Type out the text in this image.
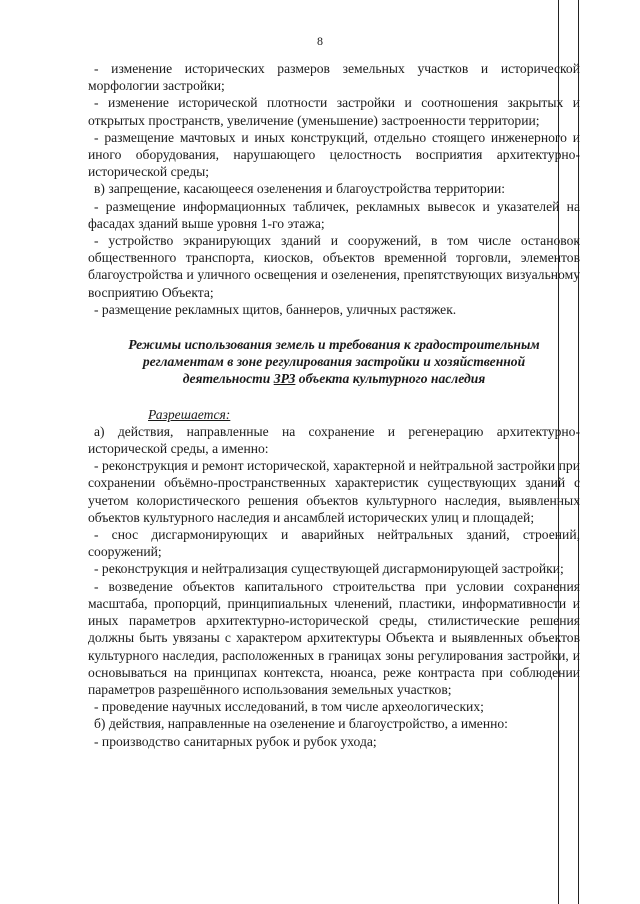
8

- изменение исторических размеров земельных участков и исторической морфологии застройки;

- изменение исторической плотности застройки и соотношения закрытых и открытых пространств, увеличение (уменьшение) застроенности территории;

- размещение мачтовых и иных конструкций, отдельно стоящего инженерного и иного оборудования, нарушающего целостность восприятия архитектурно-исторической среды;

в) запрещение, касающееся озеленения и благоустройства территории:

- размещение информационных табличек, рекламных вывесок и указателей на фасадах зданий выше уровня 1-го этажа;

- устройство экранирующих зданий и сооружений, в том числе остановок общественного транспорта, киосков, объектов временной торговли, элементов благоустройства и уличного освещения и озеленения, препятствующих визуальному восприятию Объекта;

- размещение рекламных щитов, баннеров, уличных растяжек.

Режимы использования земель и требования к градостроительным
регламентам в зоне регулирования застройки и хозяйственной
деятельности ЗРЗ объекта культурного наследия

Разрешается:

а) действия, направленные на сохранение и регенерацию архитектурно-исторической среды, а именно:

- реконструкция и ремонт исторической, характерной и нейтральной застройки при сохранении объёмно-пространственных характеристик существующих зданий с учетом колористического решения объектов культурного наследия, выявленных объектов культурного наследия и ансамблей исторических улиц и площадей;

- снос дисгармонирующих и аварийных нейтральных зданий, строений, сооружений;

- реконструкция и нейтрализация существующей дисгармонирующей застройки;

- возведение объектов капитального строительства при условии сохранения масштаба, пропорций, принципиальных членений, пластики, информативности и иных параметров архитектурно-исторической среды, стилистические решения должны быть увязаны с характером архитектуры Объекта и выявленных объектов культурного наследия, расположенных в границах зоны регулирования застройки, и основываться на принципах контекста, нюанса, реже контраста при соблюдении параметров разрешённого использования земельных участков;

- проведение научных исследований, в том числе археологических;

б) действия, направленные на озеленение и благоустройство, а именно:

- производство санитарных рубок и рубок ухода;
